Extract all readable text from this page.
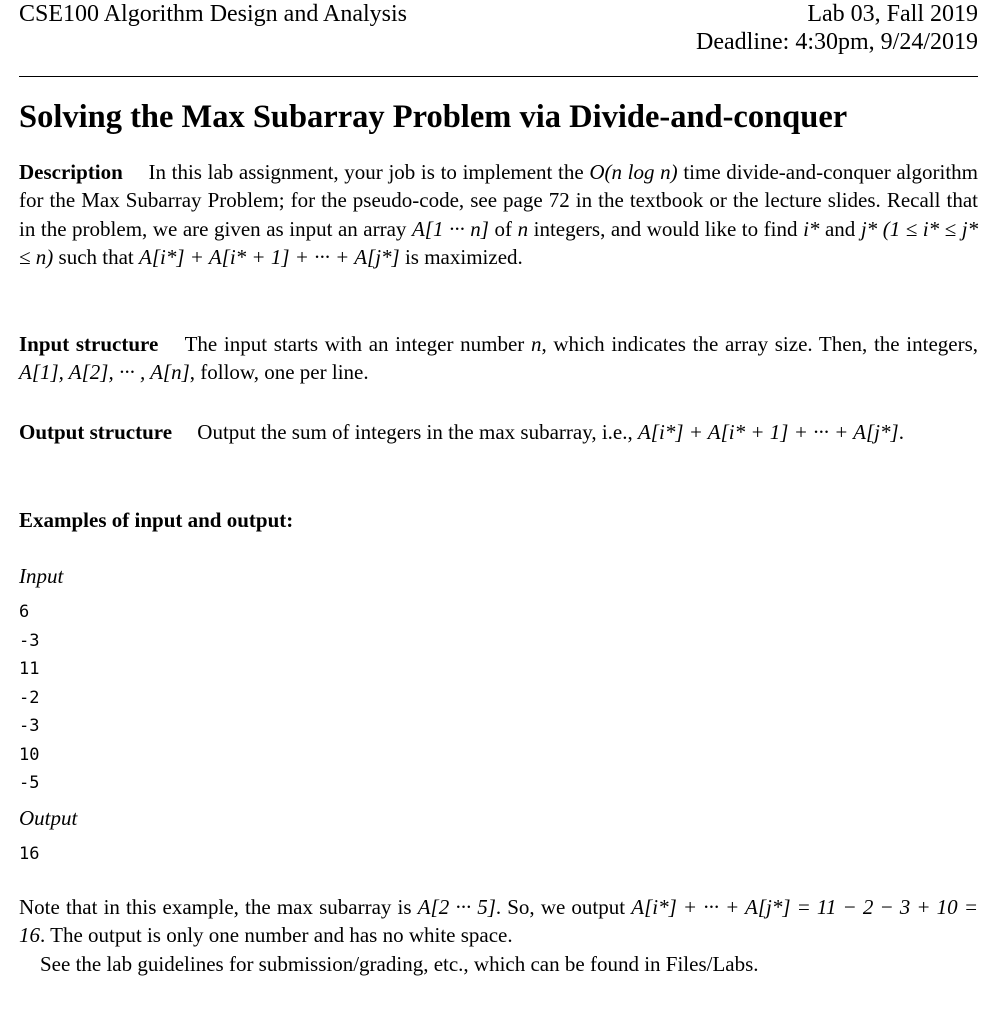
CSE100 Algorithm Design and Analysis	Lab 03, Fall 2019
Deadline: 4:30pm, 9/24/2019
Solving the Max Subarray Problem via Divide-and-conquer
Description In this lab assignment, your job is to implement the O(n log n) time divide-and-conquer algorithm for the Max Subarray Problem; for the pseudo-code, see page 72 in the textbook or the lecture slides. Recall that in the problem, we are given as input an array A[1 ··· n] of n integers, and would like to find i* and j* (1 ≤ i* ≤ j* ≤ n) such that A[i*] + A[i* + 1] + ··· + A[j*] is maximized.
Input structure The input starts with an integer number n, which indicates the array size. Then, the integers, A[1], A[2], ··· , A[n], follow, one per line.
Output structure Output the sum of integers in the max subarray, i.e., A[i*] + A[i* + 1] + ··· + A[j*].
Examples of input and output:
Input
6
-3
11
-2
-3
10
-5
Output
16
Note that in this example, the max subarray is A[2 ··· 5]. So, we output A[i*] + ··· + A[j*] = 11 − 2 − 3 + 10 = 16. The output is only one number and has no white space.
See the lab guidelines for submission/grading, etc., which can be found in Files/Labs.
